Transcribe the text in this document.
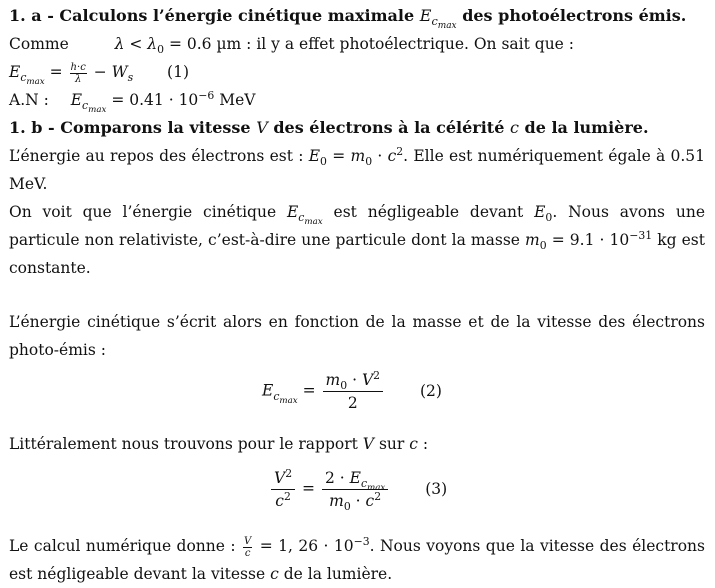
1. a - Calculons l’énergie cinétique maximale $E_{c_{max}}$ des photoélectrons émis.
Comme	$\lambda < \lambda_0 = 0.6$ µm : il y a effet photoélectrique. On sait que :
$E_{c_{max}} = \frac{h\cdot c}{\lambda} - W_s$ (1)
A.N : $E_{c_{max}} = 0.41 \cdot 10^{-6}$ MeV
1. b - Comparons la vitesse V des électrons à la célérité c de la lumière.
L’énergie au repos des électrons est : $E_0 = m_0 \cdot c^2$. Elle est numériquement égale à 0.51 MeV.
On voit que l’énergie cinétique $E_{c_{max}}$ est négligeable devant $E_0$. Nous avons une particule non relativiste, c’est-à-dire une particule dont la masse $m_0 = 9.1 \cdot 10^{-31}$ kg est constante.
L’énergie cinétique s’écrit alors en fonction de la masse et de la vitesse des électrons photo-émis :
$E_{c_{max}} = \frac{m_0 \cdot V^2}{2} (2)$
Littéralement nous trouvons pour le rapport V sur c :
$\frac{V^2}{c^2} = \frac{2 \cdot E_{c_{max}}}{m_0 \cdot c^2} (3)$
Le calcul numérique donne : $\frac{V}{c} = 1$, $26 \cdot 10^{-3}$. Nous voyons que la vitesse des électrons est négligeable devant la vitesse c de la lumière.
